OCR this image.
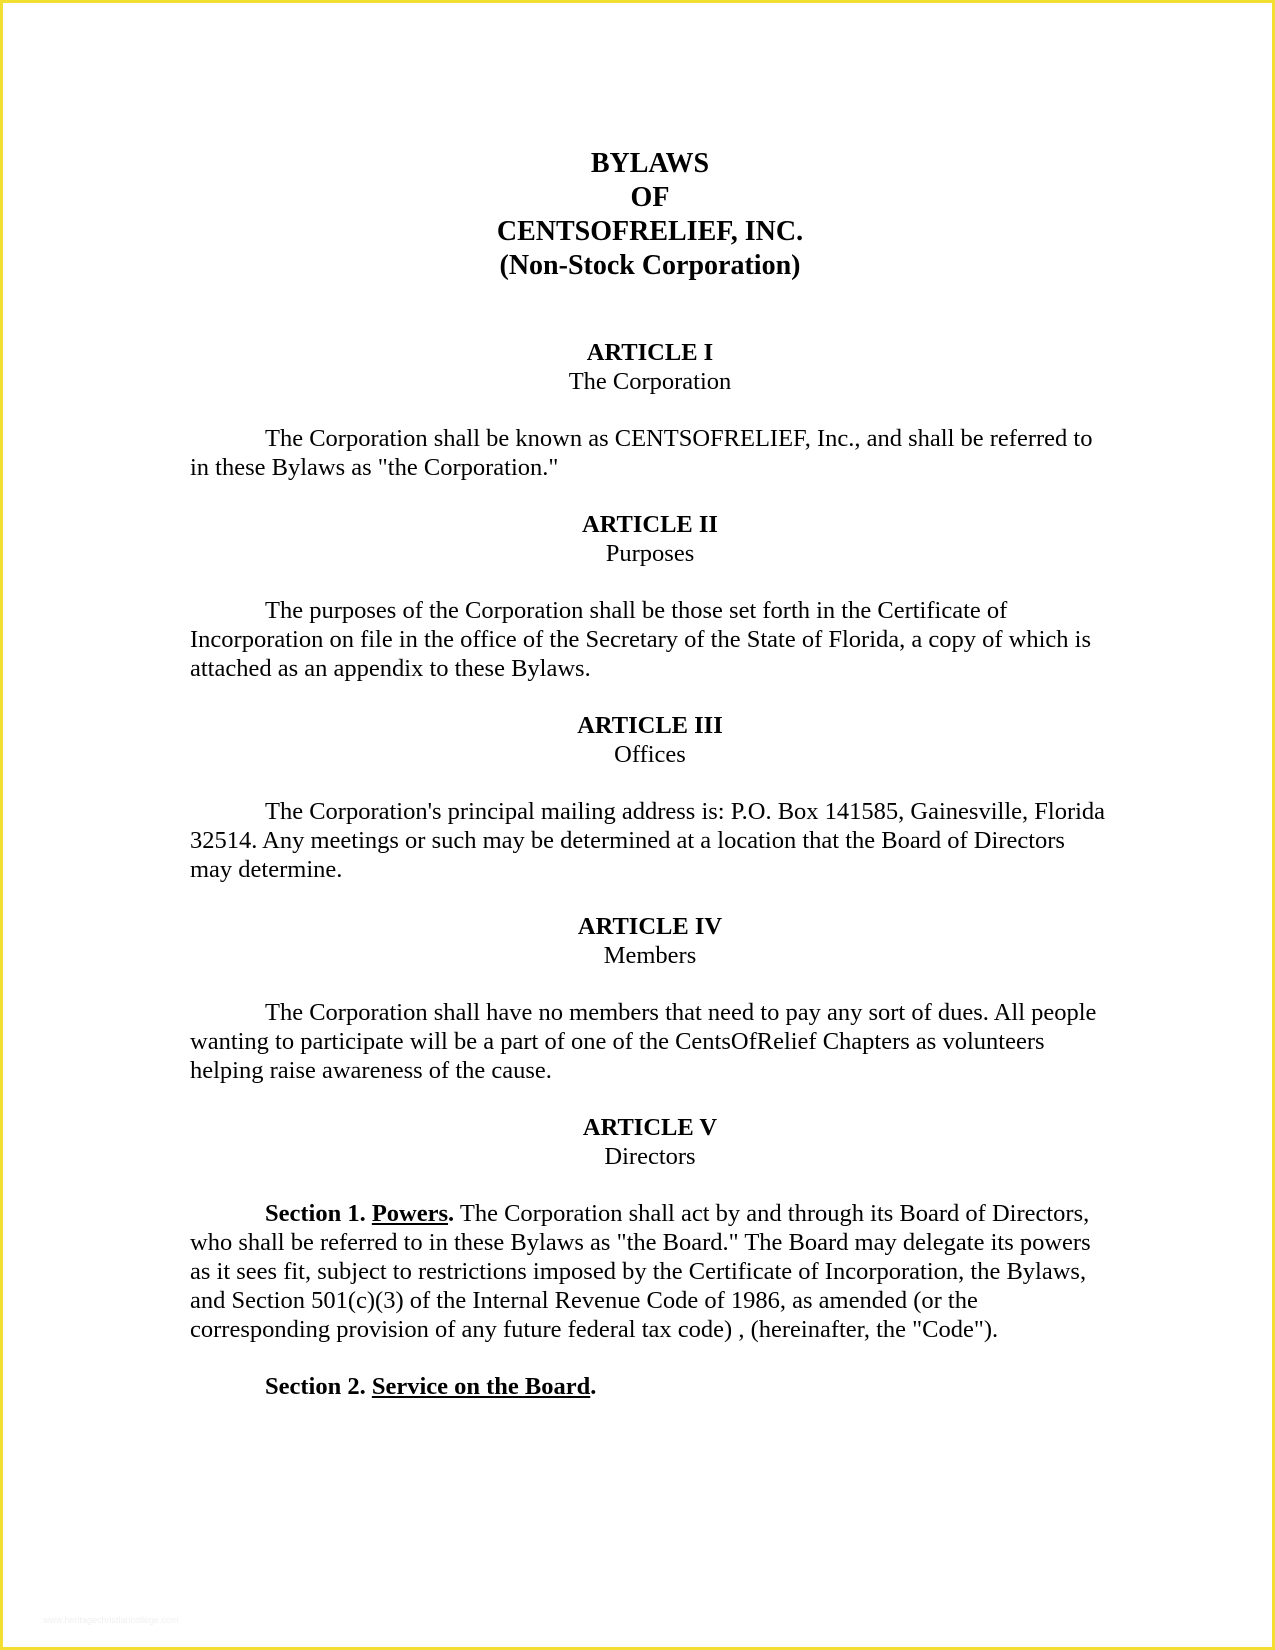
BYLAWS

OF

CENTSOFRELIEF, INC.

(Non-Stock Corporation)

ARTICLE I
The Corporation

The Corporation shall be known as CENTSOFRELIEF, Inc., and shall be referred to in these Bylaws as "the Corporation."

ARTICLE II
Purposes

The purposes of the Corporation shall be those set forth in the Certificate of Incorporation on file in the office of the Secretary of the State of Florida, a copy of which is attached as an appendix to these Bylaws.

ARTICLE III
Offices

The Corporation's principal mailing address is: P.O. Box 141585, Gainesville, Florida 32514. Any meetings or such may be determined at a location that the Board of Directors may determine.

ARTICLE IV
Members

The Corporation shall have no members that need to pay any sort of dues. All people wanting to participate will be a part of one of the CentsOfRelief Chapters as volunteers helping raise awareness of the cause.

ARTICLE V
Directors

Section 1. Powers. The Corporation shall act by and through its Board of Directors, who shall be referred to in these Bylaws as "the Board." The Board may delegate its powers as it sees fit, subject to restrictions imposed by the Certificate of Incorporation, the Bylaws, and Section 501(c)(3) of the Internal Revenue Code of 1986, as amended (or the corresponding provision of any future federal tax code) , (hereinafter, the "Code").

Section 2. Service on the Board.

www.heritagechristiancollege.com
